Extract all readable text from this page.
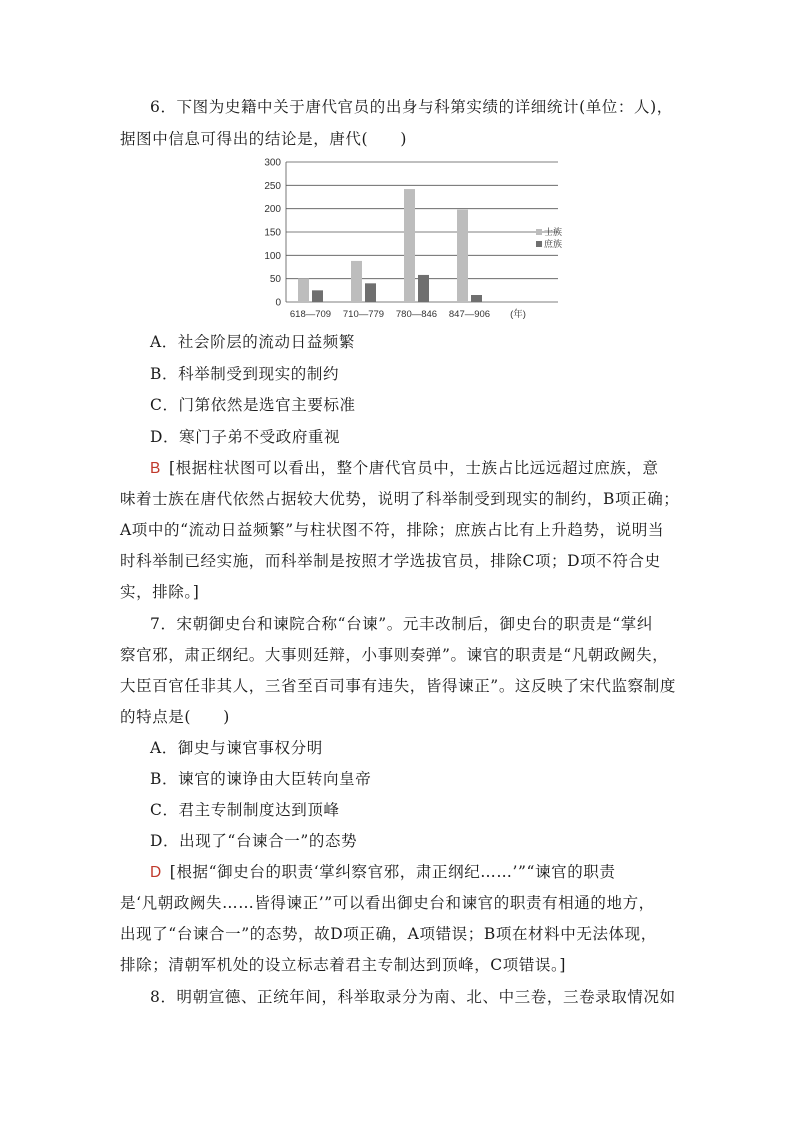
6．下图为史籍中关于唐代官员的出身与科第实绩的详细统计(单位：人)，
据图中信息可得出的结论是，唐代(　　)
0
50
100
150
200
250
300
618—709 710—779 780—846 847—906 (年)
士族
庶族
A．社会阶层的流动日益频繁
B．科举制受到现实的制约
C．门第依然是选官主要标准
D．寒门子弟不受政府重视
B [根据柱状图可以看出，整个唐代官员中，士族占比远远超过庶族，意
味着士族在唐代依然占据较大优势，说明了科举制受到现实的制约，B项正确；
A项中的“流动日益频繁”与柱状图不符，排除；庶族占比有上升趋势，说明当
时科举制已经实施，而科举制是按照才学选拔官员，排除C项；D项不符合史
实，排除。]
7．宋朝御史台和谏院合称“台谏”。元丰改制后，御史台的职责是“掌纠
察官邪，肃正纲纪。大事则廷辩，小事则奏弹”。谏官的职责是“凡朝政阙失，
大臣百官任非其人，三省至百司事有违失，皆得谏正”。这反映了宋代监察制度
的特点是(　　)
A．御史与谏官事权分明
B．谏官的谏诤由大臣转向皇帝
C．君主专制制度达到顶峰
D．出现了“台谏合一”的态势
D [根据“御史台的职责‘掌纠察官邪，肃正纲纪……’”“谏官的职责
是‘凡朝政阙失……皆得谏正’”可以看出御史台和谏官的职责有相通的地方，
出现了“台谏合一”的态势，故D项正确，A项错误；B项在材料中无法体现，
排除；清朝军机处的设立标志着君主专制达到顶峰，C项错误。]
8．明朝宣德、正统年间，科举取录分为南、北、中三卷，三卷录取情况如
